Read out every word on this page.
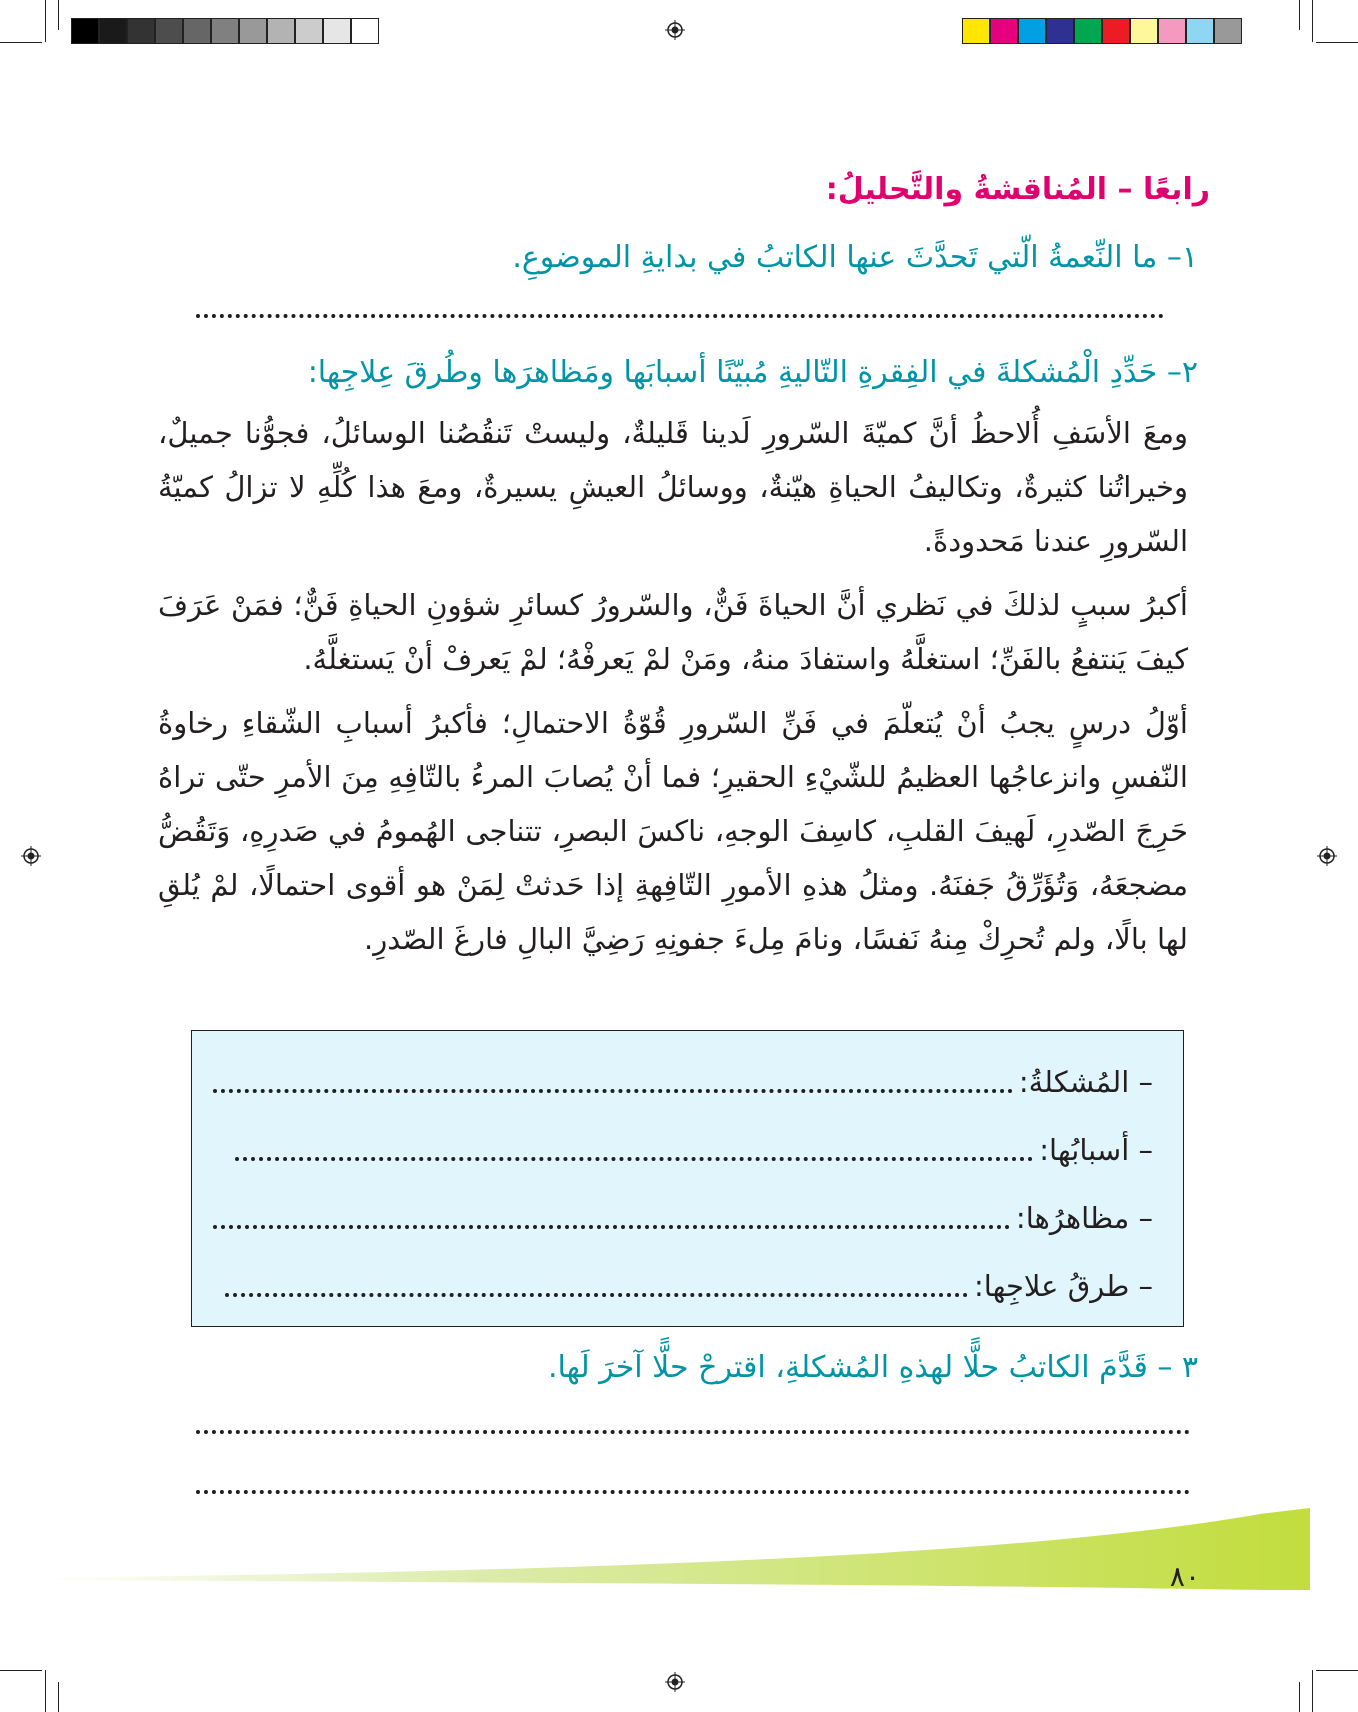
رابعًا – المُناقشةُ والتَّحليلُ:
١– ما النِّعمةُ الّتي تَحدَّثَ عنها الكاتبُ في بدايةِ الموضوعِ.
٢– حَدِّدِ الْمُشكلةَ في الفِقرةِ التّاليةِ مُبيّنًا أسبابَها ومَظاهرَها وطُرقَ عِلاجِها:
ومعَ الأسَفِ أُلاحظُ أنَّ كميّةَ السّرورِ لَدينا قَليلةٌ، وليستْ تَنقُصُنا الوسائلُ، فجوُّنا جميلٌ، وخيراتُنا كثيرةٌ، وتكاليفُ الحياةِ هيّنةٌ، ووسائلُ العيشِ يسيرةٌ، ومعَ هذا كُلِّهِ لا تزالُ كميّةُ السّرورِ عندنا مَحدودةً.
أكبرُ سببٍ لذلكَ في نَظري أنَّ الحياةَ فَنٌّ، والسّرورُ كسائرِ شؤونِ الحياةِ فَنٌّ؛ فمَنْ عَرَفَ كيفَ يَنتفعُ بالفَنِّ؛ استغلَّهُ واستفادَ منهُ، ومَنْ لمْ يَعرفْهُ؛ لمْ يَعرفْ أنْ يَستغلَّهُ.
أوّلُ درسٍ يجبُ أنْ يُتعلّمَ في فَنِّ السّرورِ قُوّةُ الاحتمالِ؛ فأكبرُ أسبابِ الشّقاءِ رخاوةُ النّفسِ وانزعاجُها العظيمُ للشّيْءِ الحقيرِ؛ فما أنْ يُصابَ المرءُ بالتّافِهِ مِنَ الأمرِ حتّى تراهُ حَرِجَ الصّدرِ، لَهيفَ القلبِ، كاسِفَ الوجهِ، ناكسَ البصرِ، تتناجى الهُمومُ في صَدرِهِ، وَتَقُضُّ مضجعَهُ، وَتُؤَرِّقُ جَفنَهُ. ومثلُ هذهِ الأمورِ التّافِهةِ إذا حَدثتْ لِمَنْ هو أقوى احتمالًا، لمْ يُلقِ لها بالًا، ولم تُحرِكْ مِنهُ نَفسًا، ونامَ مِلءَ جفونِهِ رَضِيَّ البالِ فارغَ الصّدرِ.
– المُشكلةُ:
– أسبابُها:
– مظاهرُها:
– طرقُ علاجِها:
٣ – قَدَّمَ الكاتبُ حلًّا لهذهِ المُشكلةِ، اقترحْ حلًّا آخرَ لَها.
٨٠
